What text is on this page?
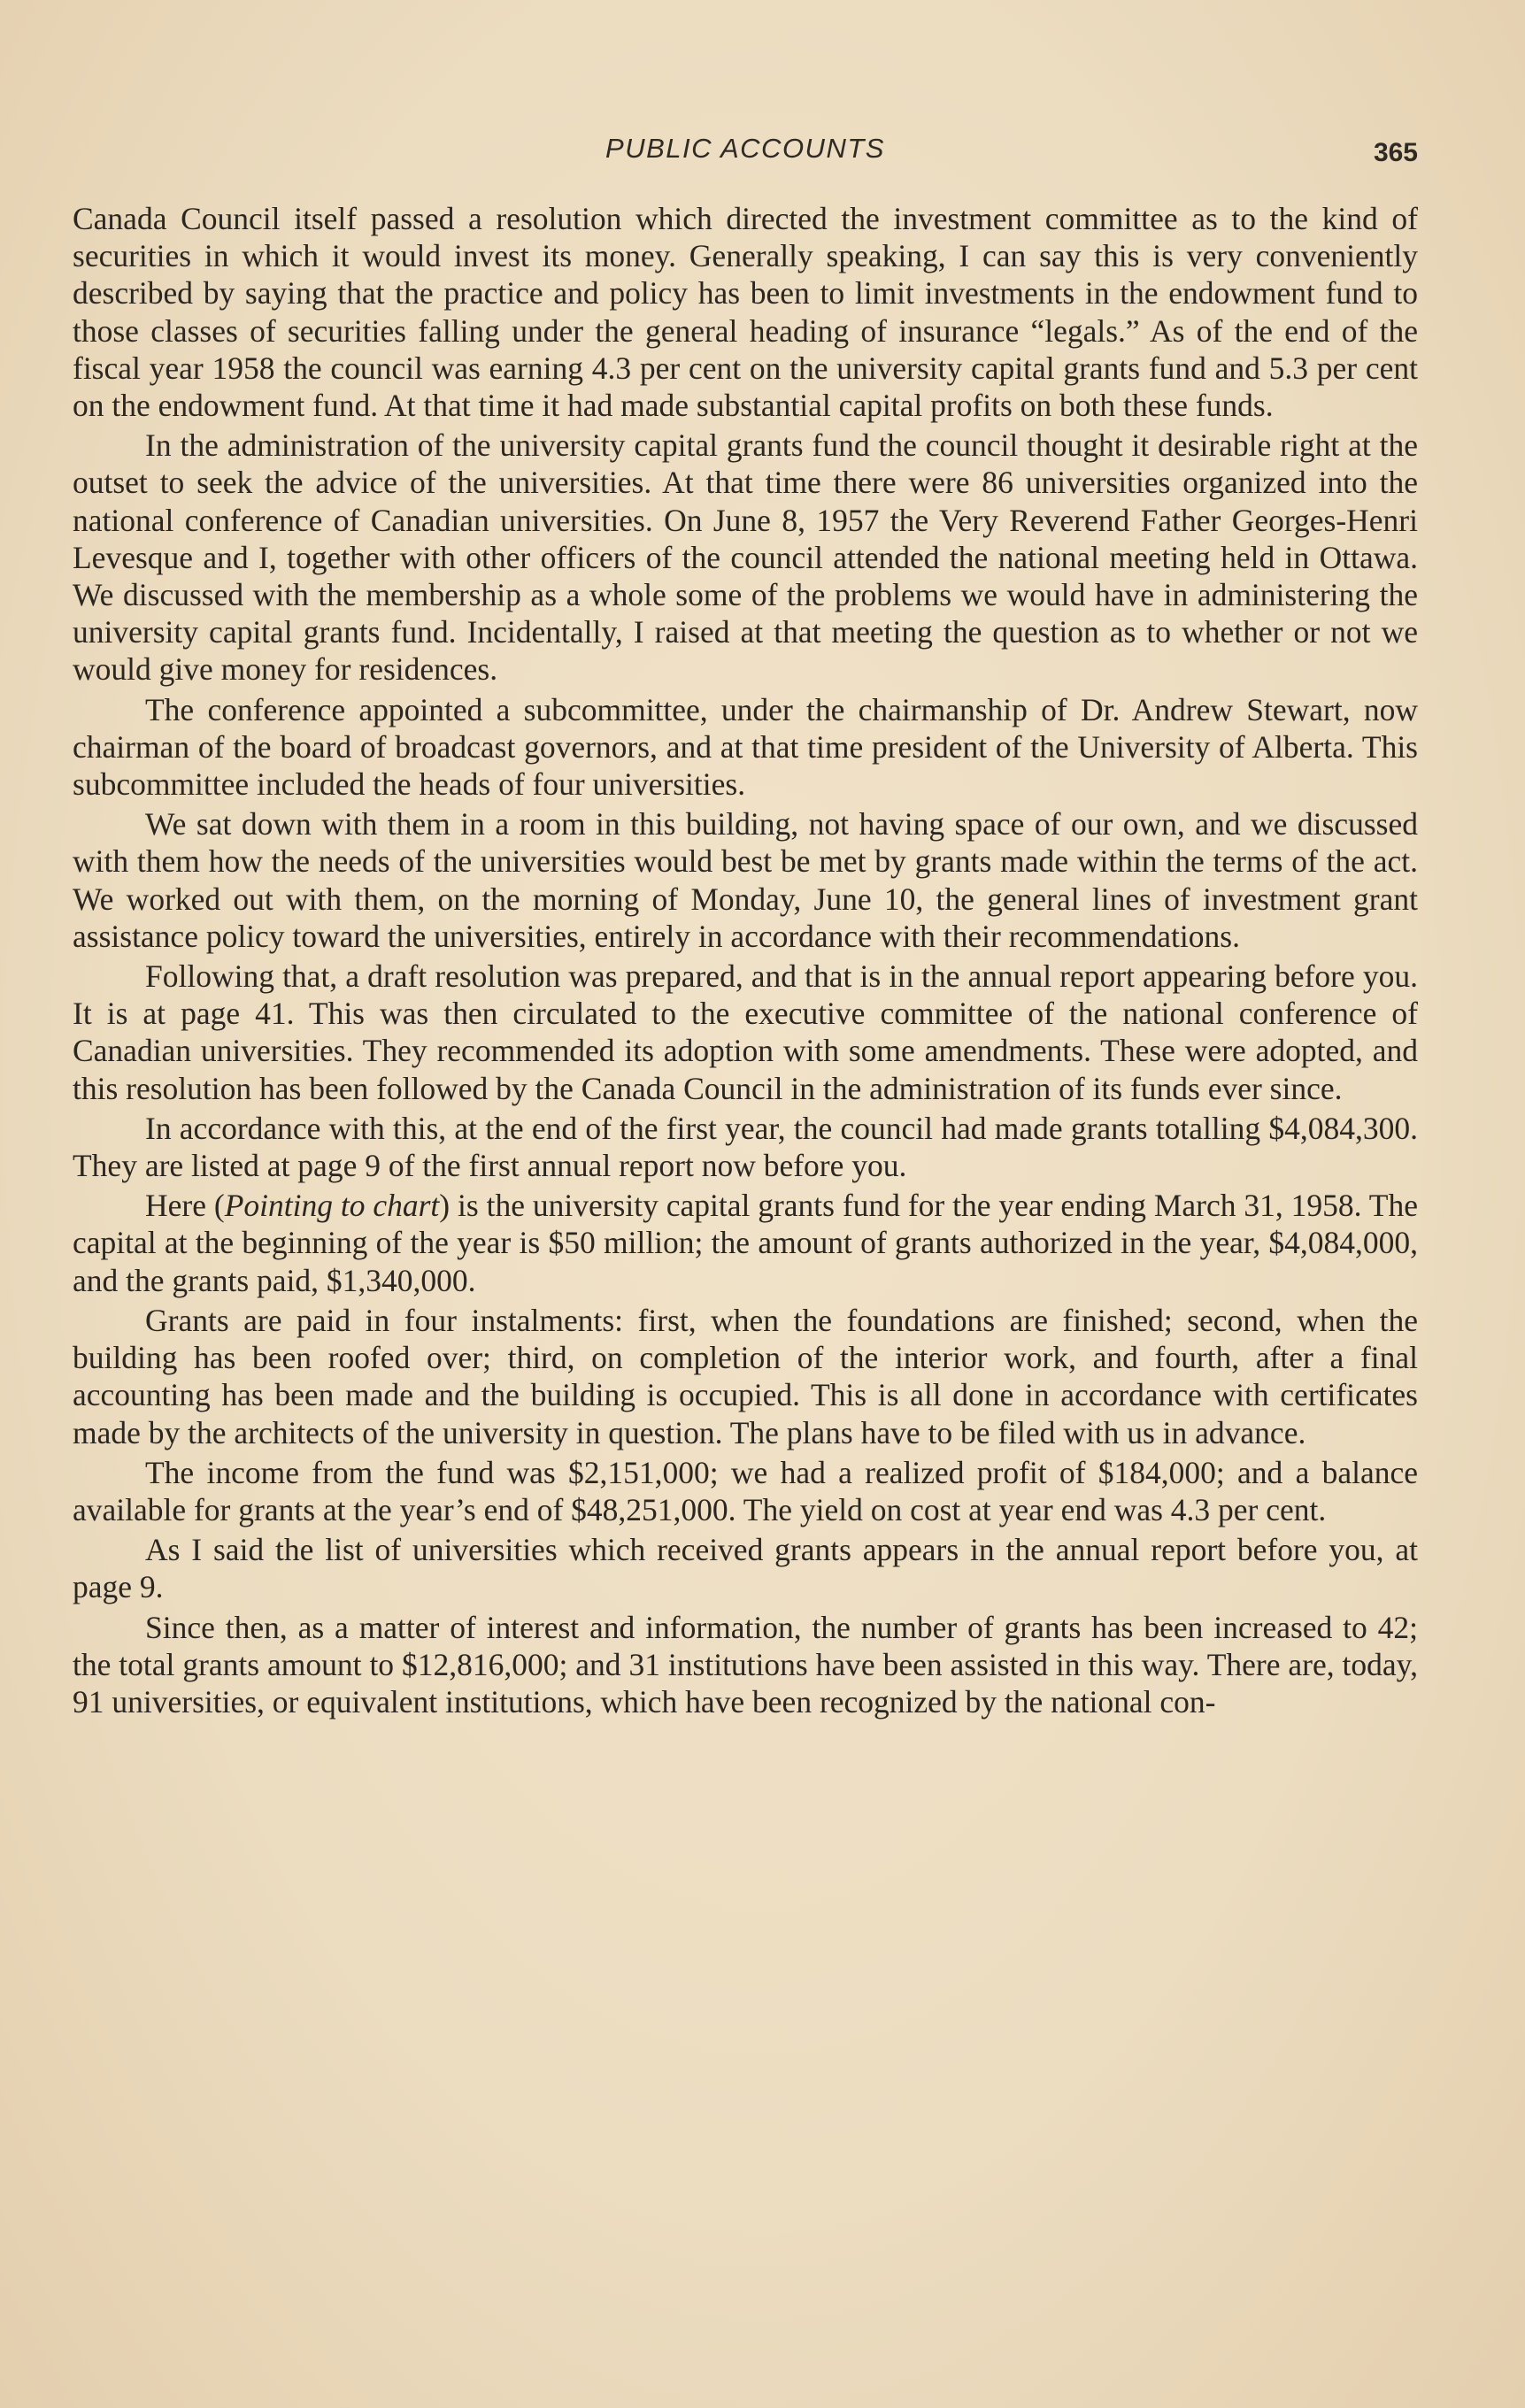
PUBLIC ACCOUNTS	365

Canada Council itself passed a resolution which directed the investment committee as to the kind of securities in which it would invest its money. Generally speaking, I can say this is very conveniently described by saying that the practice and policy has been to limit investments in the endowment fund to those classes of securities falling under the general heading of insurance “legals.” As of the end of the fiscal year 1958 the council was earning 4.3 per cent on the university capital grants fund and 5.3 per cent on the endowment fund. At that time it had made substantial capital profits on both these funds.

In the administration of the university capital grants fund the council thought it desirable right at the outset to seek the advice of the universities. At that time there were 86 universities organized into the national conference of Canadian universities. On June 8, 1957 the Very Reverend Father Georges-Henri Levesque and I, together with other officers of the council attended the national meeting held in Ottawa. We discussed with the membership as a whole some of the problems we would have in administering the university capital grants fund. Incidentally, I raised at that meeting the question as to whether or not we would give money for residences.

The conference appointed a subcommittee, under the chairmanship of Dr. Andrew Stewart, now chairman of the board of broadcast governors, and at that time president of the University of Alberta. This subcommittee included the heads of four universities.

We sat down with them in a room in this building, not having space of our own, and we discussed with them how the needs of the universities would best be met by grants made within the terms of the act. We worked out with them, on the morning of Monday, June 10, the general lines of investment grant assistance policy toward the universities, entirely in accordance with their recommendations.

Following that, a draft resolution was prepared, and that is in the annual report appearing before you. It is at page 41. This was then circulated to the executive committee of the national conference of Canadian universities. They recommended its adoption with some amendments. These were adopted, and this resolution has been followed by the Canada Council in the administration of its funds ever since.

In accordance with this, at the end of the first year, the council had made grants totalling $4,084,300. They are listed at page 9 of the first annual report now before you.

Here (Pointing to chart) is the university capital grants fund for the year ending March 31, 1958. The capital at the beginning of the year is $50 million; the amount of grants authorized in the year, $4,084,000, and the grants paid, $1,340,000.

Grants are paid in four instalments: first, when the foundations are finished; second, when the building has been roofed over; third, on completion of the interior work, and fourth, after a final accounting has been made and the building is occupied. This is all done in accordance with certificates made by the architects of the university in question. The plans have to be filed with us in advance.

The income from the fund was $2,151,000; we had a realized profit of $184,000; and a balance available for grants at the year’s end of $48,251,000. The yield on cost at year end was 4.3 per cent.

As I said the list of universities which received grants appears in the annual report before you, at page 9.

Since then, as a matter of interest and information, the number of grants has been increased to 42; the total grants amount to $12,816,000; and 31 institutions have been assisted in this way. There are, today, 91 universities, or equivalent institutions, which have been recognized by the national con-
